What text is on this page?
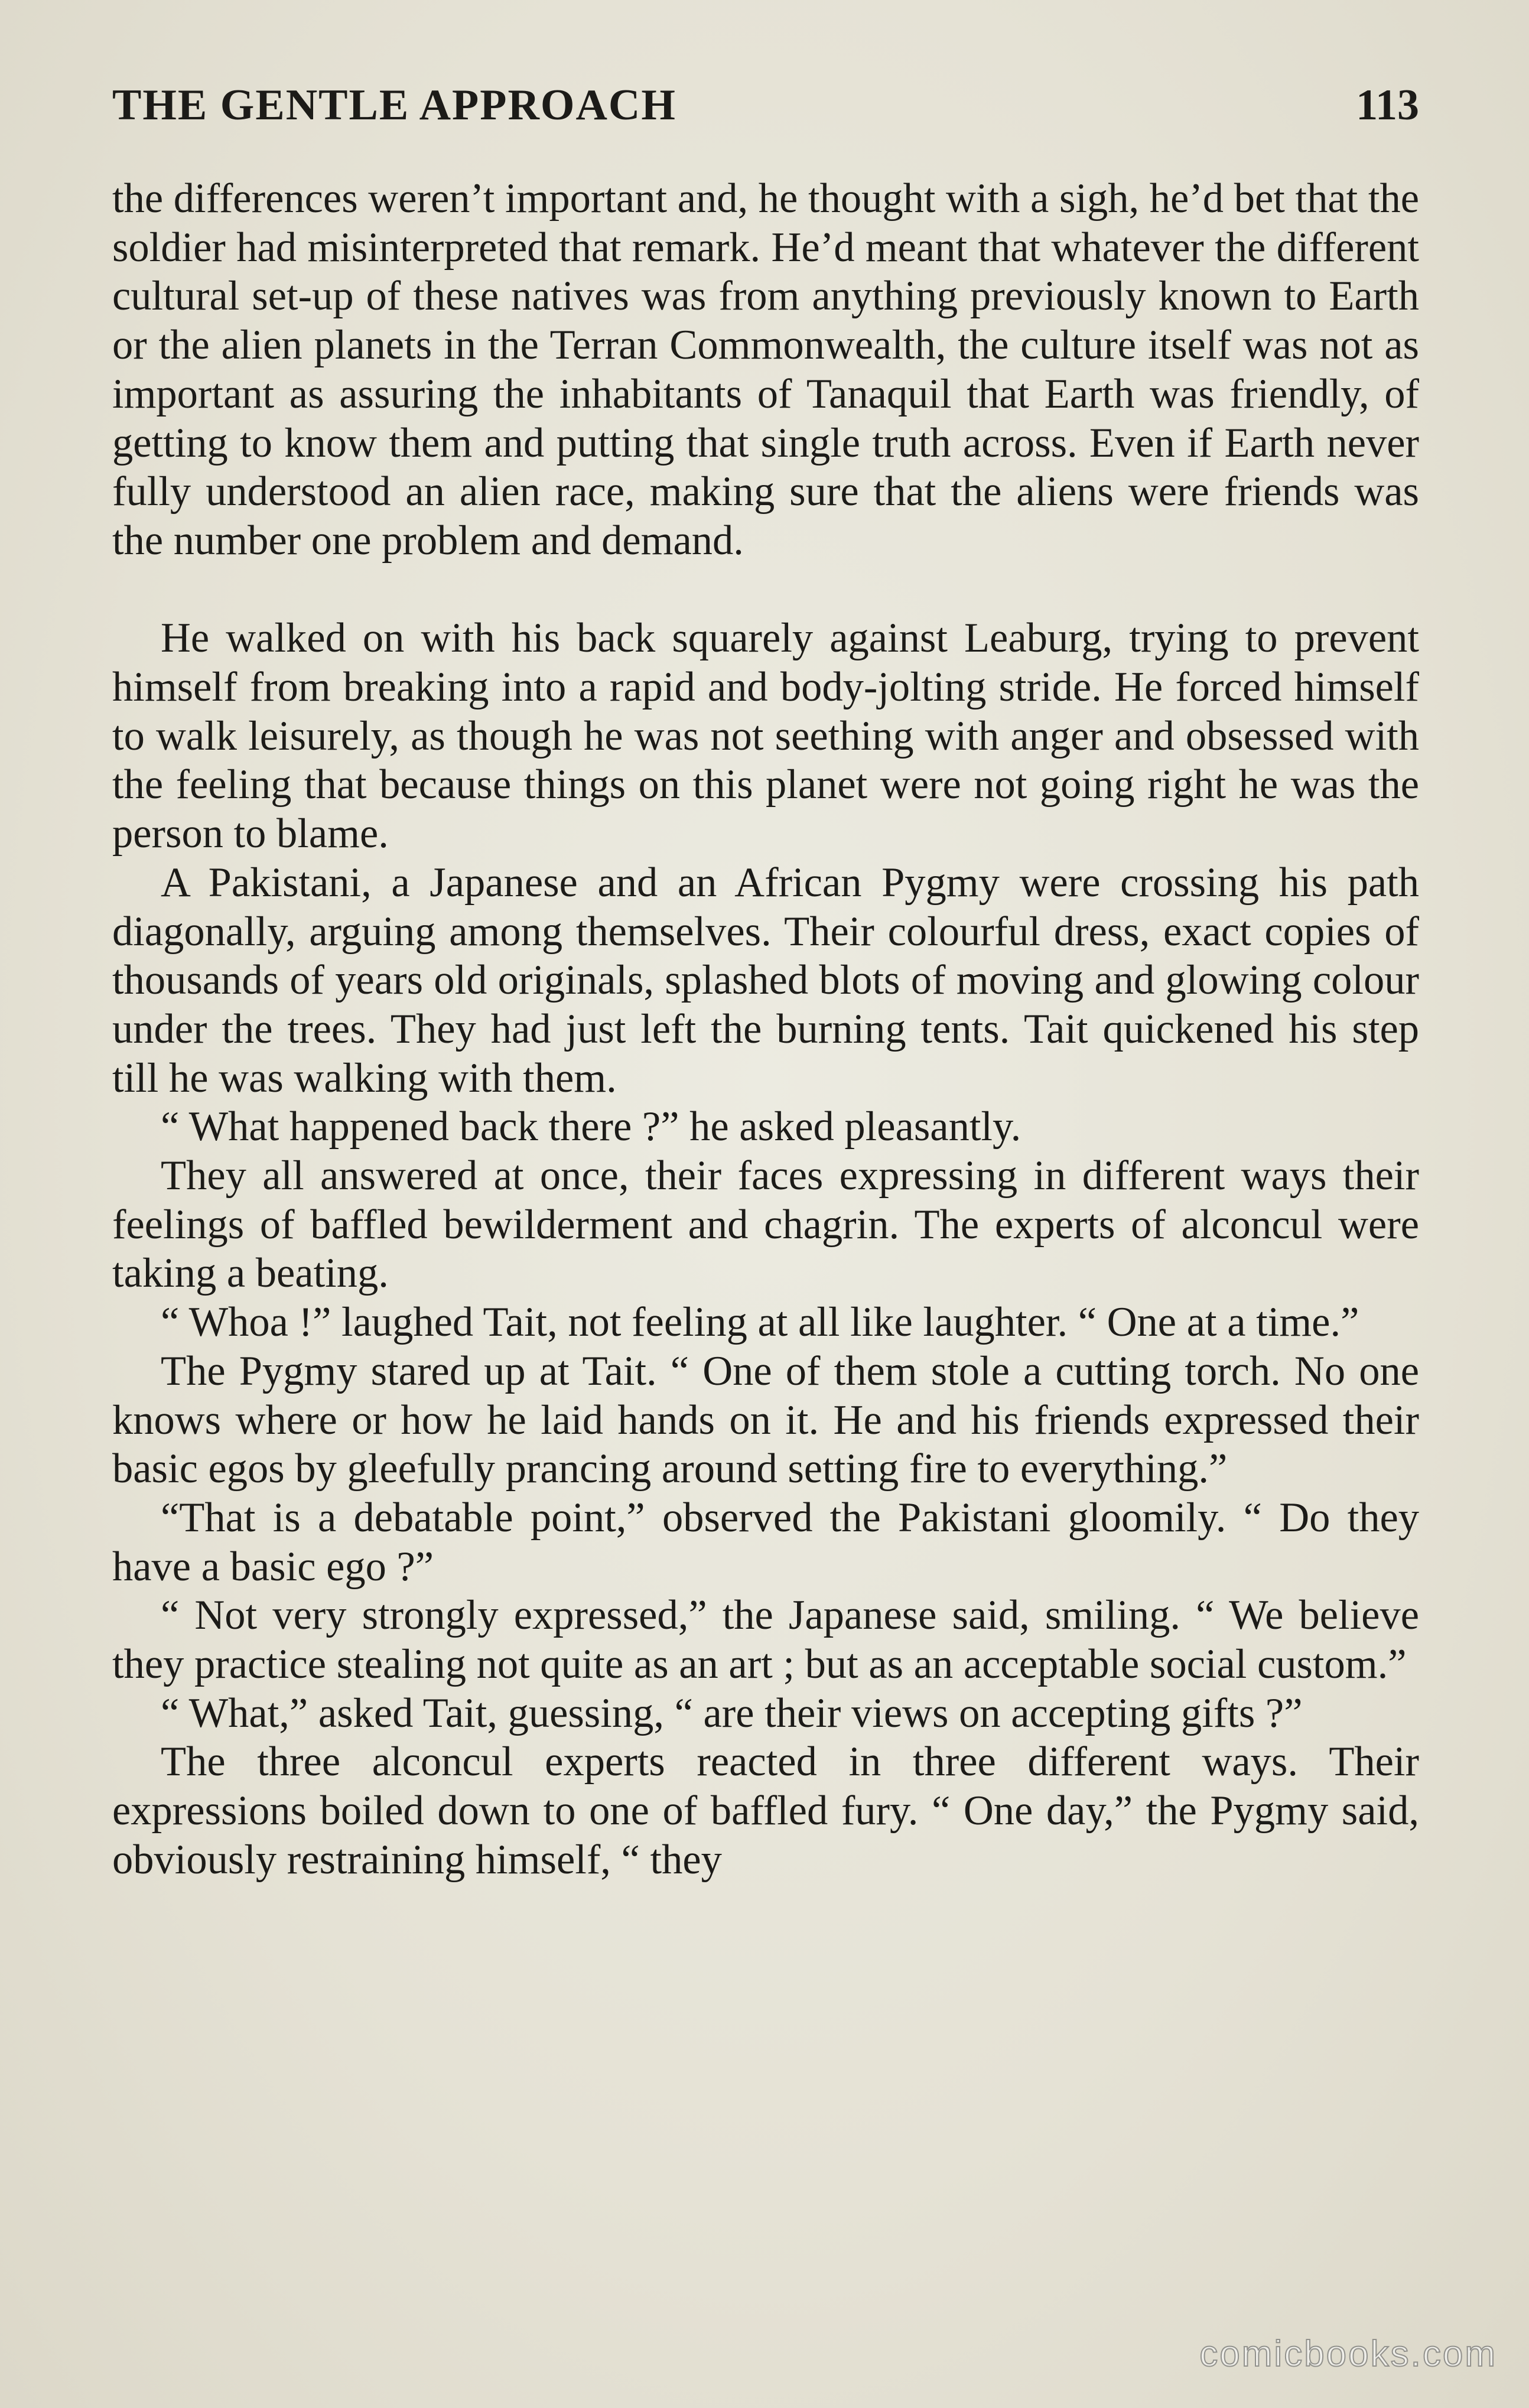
THE GENTLE APPROACH	113

the differences weren’t important and, he thought with a sigh, he’d bet that the soldier had misinterpreted that remark. He’d meant that whatever the different cultural set-up of these natives was from anything previously known to Earth or the alien planets in the Terran Commonwealth, the culture itself was not as important as assuring the inhabitants of Tanaquil that Earth was friendly, of getting to know them and putting that single truth across. Even if Earth never fully understood an alien race, making sure that the aliens were friends was the number one problem and demand.

He walked on with his back squarely against Leaburg, trying to prevent himself from breaking into a rapid and body-jolting stride. He forced himself to walk leisurely, as though he was not seething with anger and obsessed with the feeling that because things on this planet were not going right he was the person to blame.

A Pakistani, a Japanese and an African Pygmy were crossing his path diagonally, arguing among themselves. Their colourful dress, exact copies of thousands of years old originals, splashed blots of moving and glowing colour under the trees. They had just left the burning tents. Tait quickened his step till he was walking with them.

“ What happened back there ?” he asked pleasantly.

They all answered at once, their faces expressing in different ways their feelings of baffled bewilderment and chagrin. The experts of alconcul were taking a beating.

“ Whoa !” laughed Tait, not feeling at all like laughter. “ One at a time.”

The Pygmy stared up at Tait. “ One of them stole a cutting torch. No one knows where or how he laid hands on it. He and his friends expressed their basic egos by gleefully prancing around setting fire to everything.”

“That is a debatable point,” observed the Pakistani gloomily. “ Do they have a basic ego ?”

“ Not very strongly expressed,” the Japanese said, smiling. “ We believe they practice stealing not quite as an art ; but as an acceptable social custom.”

“ What,” asked Tait, guessing, “ are their views on accepting gifts ?”

The three alconcul experts reacted in three different ways. Their expressions boiled down to one of baffled fury. “ One day,” the Pygmy said, obviously restraining himself, “ they

comicbooks.com
